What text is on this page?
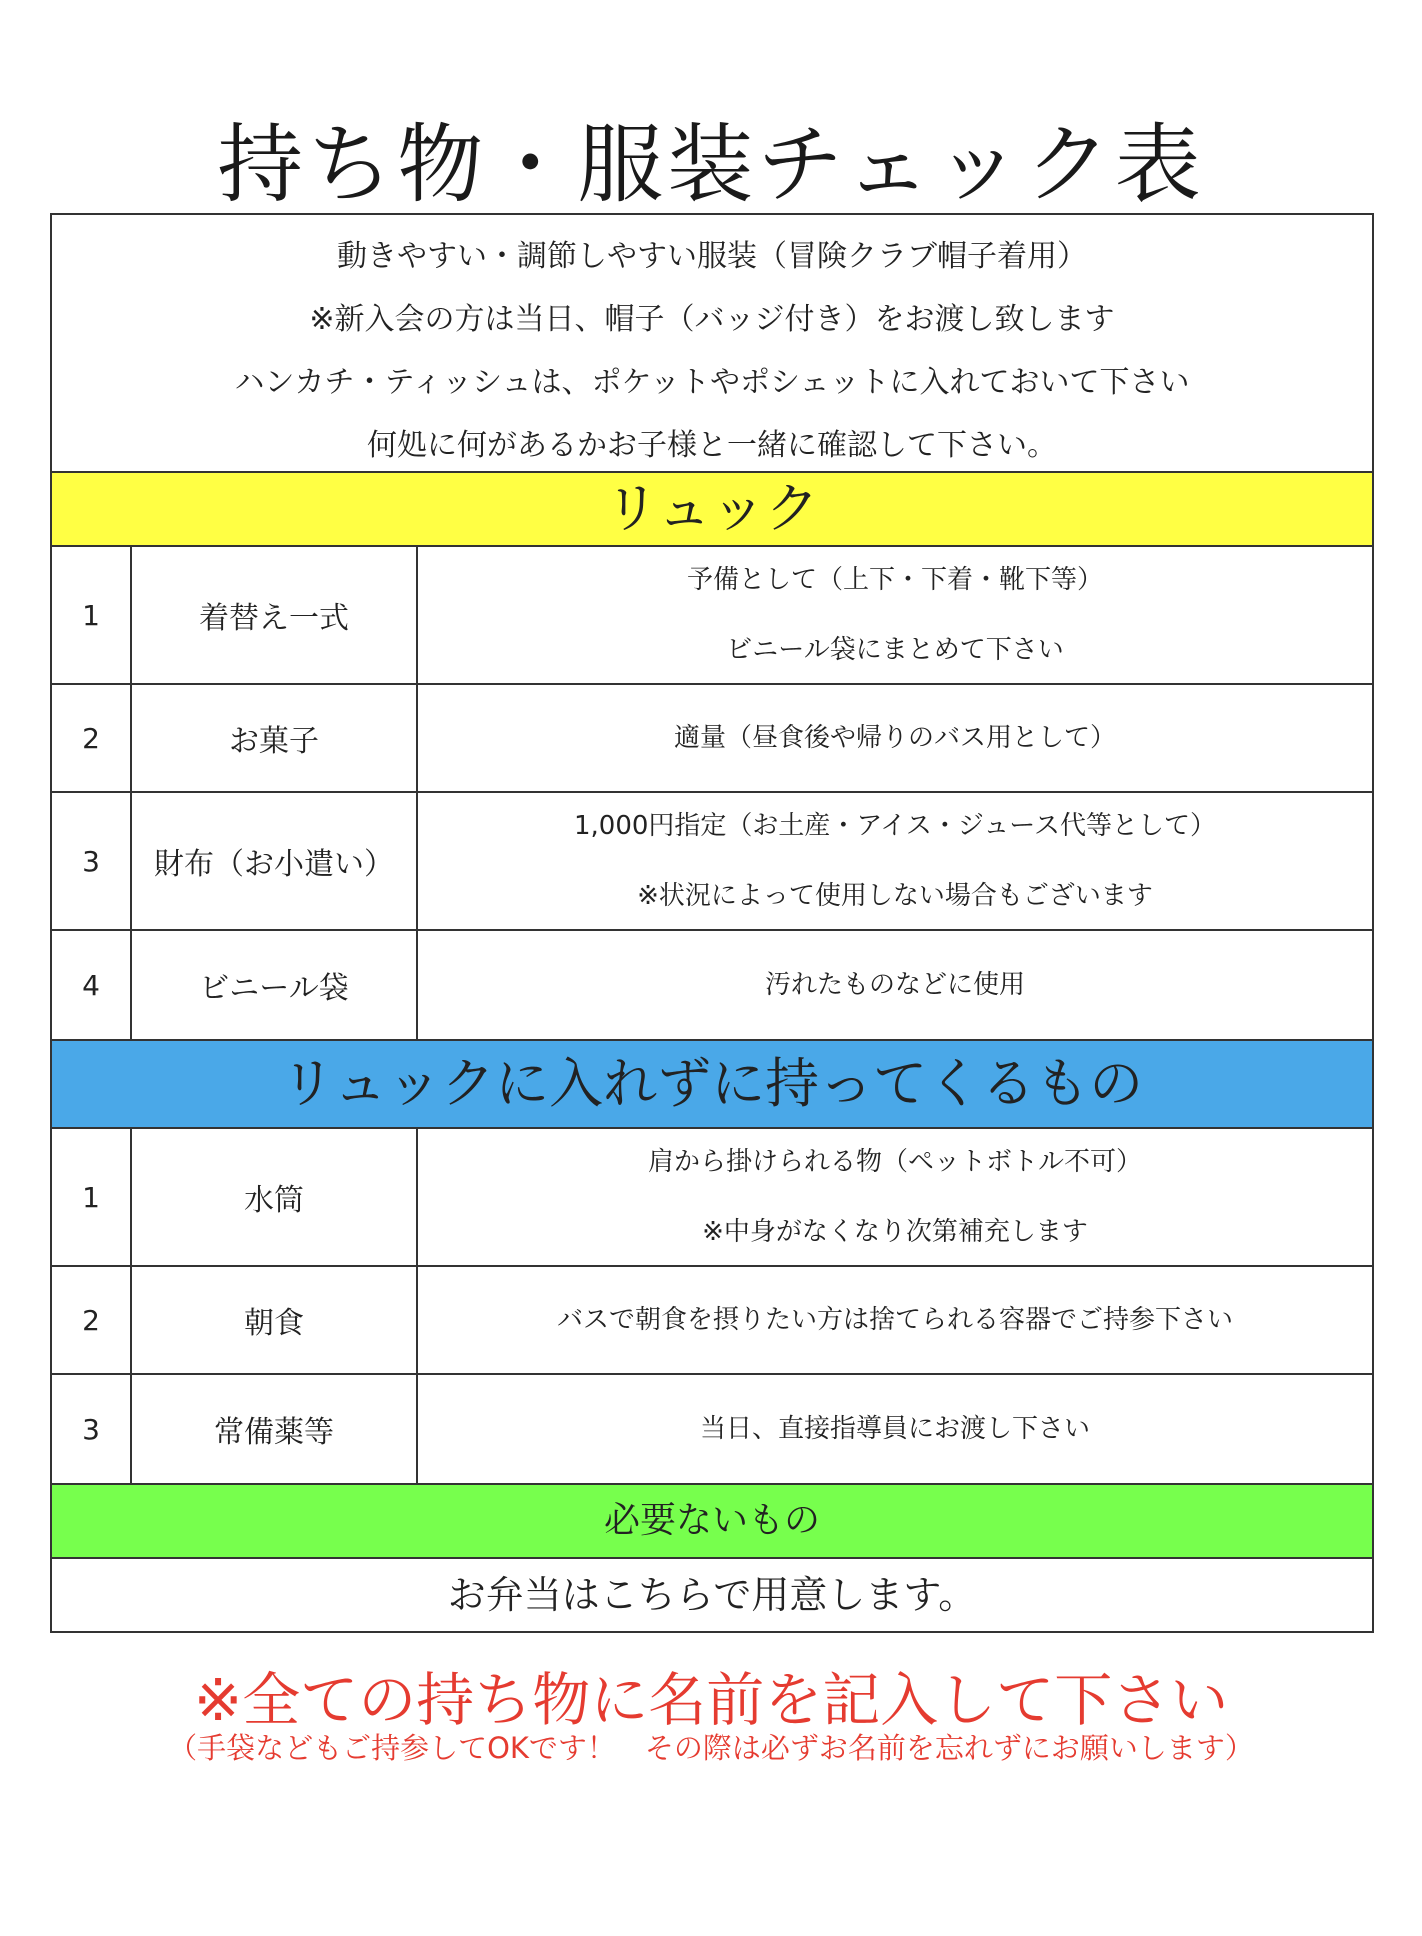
持ち物・服装チェック表
動きやすい・調節しやすい服装（冒険クラブ帽子着用）
※新入会の方は当日、帽子（バッジ付き）をお渡し致します
ハンカチ・ティッシュは、ポケットやポシェットに入れておいて下さい
何処に何があるかお子様と一緒に確認して下さい。
リュック
1	着替え一式
予備として（上下・下着・靴下等）
ビニール袋にまとめて下さい
2	お菓子	適量（昼食後や帰りのバス用として）
3	財布（お小遣い）
1,000円指定（お土産・アイス・ジュース代等として）
※状況によって使用しない場合もございます
4	ビニール袋	汚れたものなどに使用
リュックに入れずに持ってくるもの
1	水筒
肩から掛けられる物（ペットボトル不可）
※中身がなくなり次第補充します
2	朝食	バスで朝食を摂りたい方は捨てられる容器でご持参下さい
3	常備薬等	当日、直接指導員にお渡し下さい
必要ないもの
お弁当はこちらで用意します。
※全ての持ち物に名前を記入して下さい
（手袋などもご持参してOKです！　その際は必ずお名前を忘れずにお願いします）
